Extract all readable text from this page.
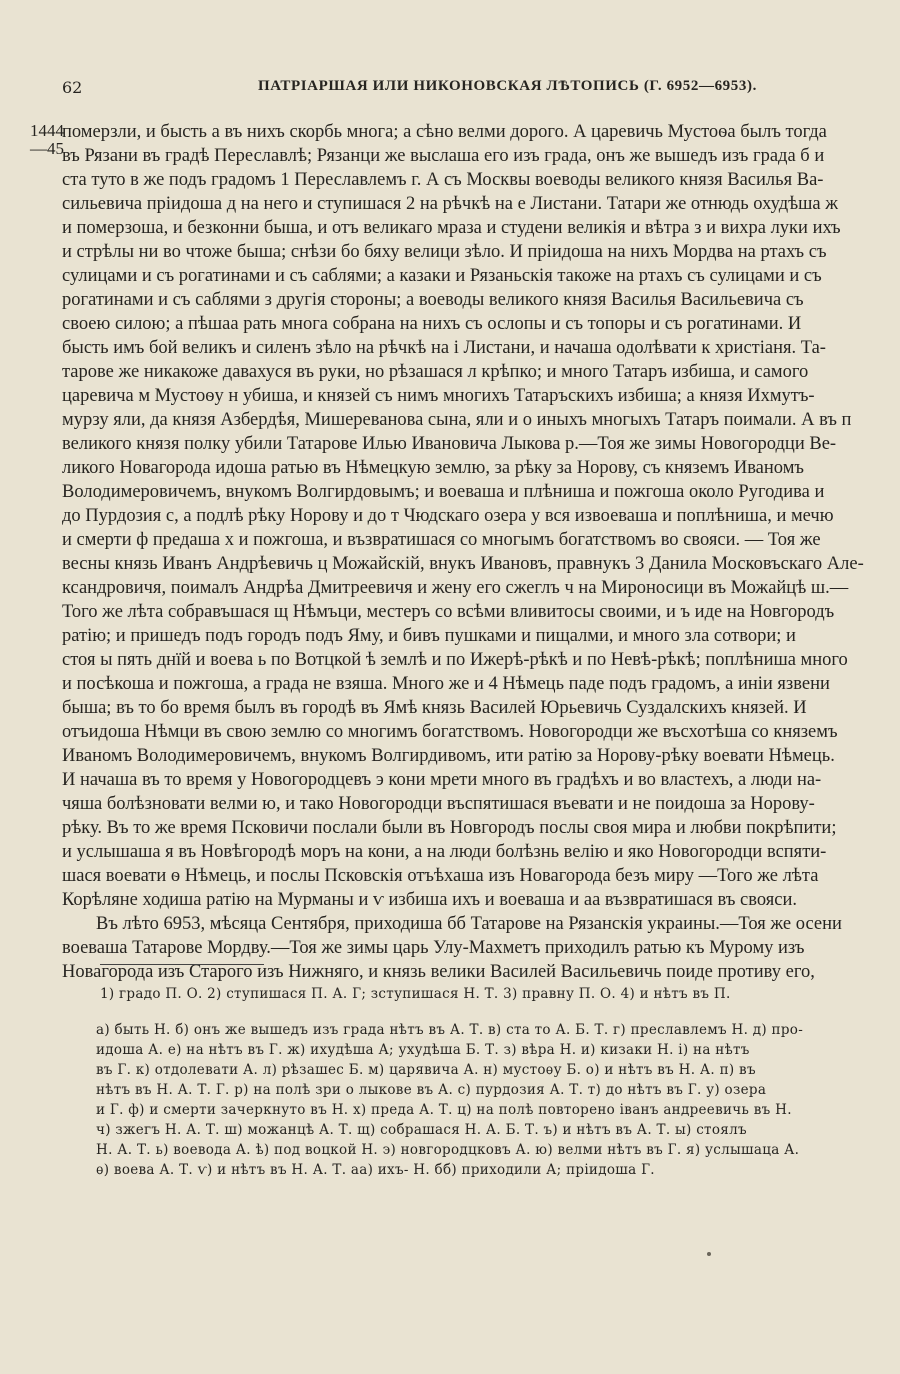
62	ПАТРІАРШАЯ ИЛИ НИКОНОВСКАЯ ЛѢТОПИСЬ (Г. 6952—6953).
1444
—45
померзли, и бысть а въ нихъ скорбь многа; а сѣно велми дорого. А царевичь Мустоѳа былъ тогда
въ Рязани въ градѣ Переславлѣ; Рязанци же выслаша его изъ града, онъ же вышедъ изъ града б и
ста туто в же подъ градомъ 1 Переславлемъ г. А съ Москвы воеводы великого князя Василья Ва-
сильевича пріидоша д на него и ступишася 2 на рѣчкѣ на е Листани. Татари же отнюдь охудѣша ж
и померзоша, и безконни быша, и отъ великаго мраза и студени великія и вѣтра з и вихра луки ихъ
и стрѣлы ни во чтоже быша; снѣзи бо бяху велици зѣло. И пріидоша на нихъ Мордва на ртахъ съ
сулицами и съ рогатинами и съ саблями; а казаки и Рязаньскія такоже на ртахъ съ сулицами и съ
рогатинами и съ саблями з другія стороны; а воеводы великого князя Василья Васильевича съ
своею силою; а пѣшаа рать многа собрана на нихъ съ ослопы и съ топоры и съ рогатинами. И
бысть имъ бой великъ и силенъ зѣло на рѣчкѣ на і Листани, и начаша одолѣвати к христіаня. Та-
тарове же никакоже давахуся въ руки, но рѣзашася л крѣпко; и много Татаръ избиша, и самого
царевича м Мустоѳу н убиша, и князей съ нимъ многихъ Татаръскихъ избиша; а князя Ихмутъ-
мурзу яли, да князя Азбердѣя, Мишереванова сына, яли и о иныхъ многыхъ Татаръ поимали. А въ п
великого князя полку убили Татарове Илью Ивановича Лыкова р.—Тоя же зимы Новогородци Ве-
ликого Новагорода идоша ратью въ Нѣмецкую землю, за рѣку за Норову, съ княземъ Иваномъ
Володимеровичемъ, внукомъ Волгирдовымъ; и воеваша и плѣниша и пожгоша около Ругодива и
до Пурдозия с, а подлѣ рѣку Норову и до т Чюдскаго озера у вся извоеваша и поплѣниша, и мечю
и смерти ф предаша х и пожгоша, и възвратишася со многымъ богатствомъ во свояси. — Тоя же
весны князь Иванъ Андрѣевичь ц Можайскій, внукъ Ивановъ, правнукъ 3 Данила Московъскаго Але-
ксандровичя, поималъ Андрѣа Дмитреевичя и жену его сжеглъ ч на Мироносици въ Можайцѣ ш.—
Того же лѣта собравъшася щ Нѣмъци, местеръ со всѣми вливитосы своими, и ъ иде на Новгородъ
ратію; и пришедъ подъ городъ подъ Яму, и бивъ пушками и пищалми, и много зла сотвори; и
стоя ы пять днїй и воева ь по Вотцкой ѣ землѣ и по Ижерѣ-рѣкѣ и по Невѣ-рѣкѣ; поплѣниша много
и посѣкоша и пожгоша, а града не взяша. Много же и 4 Нѣмець паде подъ градомъ, а иніи язвени
быша; въ то бо время былъ въ городѣ въ Ямѣ князь Василей Юрьевичь Суздалскихъ князей. И
отъидоша Нѣмци въ свою землю со многимъ богатствомъ. Новогородци же въсхотѣша со княземъ
Иваномъ Володимеровичемъ, внукомъ Волгирдивомъ, ити ратію за Норову-рѣку воевати Нѣмець.
И начаша въ то время у Новогородцевъ э кони мрети много въ градѣхъ и во властехъ, а люди на-
чяша болѣзновати велми ю, и тако Новогородци въспятишася въевати и не поидоша за Норову-
рѣку. Въ то же время Псковичи послали были въ Новгородъ послы своя мира и любви покрѣпити;
и услышаша я въ Новѣгородѣ моръ на кони, а на люди болѣзнь велію и яко Новогородци вспяти-
шася воевати ѳ Нѣмець, и послы Псковскія отъѣхаша изъ Новагорода безъ миру —Того же лѣта
Корѣляне ходиша ратію на Мурманы и ѵ избиша ихъ и воеваша и аа възвратишася въ свояси.
Въ лѣто 6953, мѣсяца Сентября, приходиша бб Татарове на Рязанскія украины.—Тоя же осени
воеваша Татарове Мордву.—Тоя же зимы царь Улу-Махметъ приходилъ ратью къ Мурому изъ
Новагорода изъ Старого изъ Нижняго, и князь велики Василей Васильевичь поиде противу его,
1) градо П. О. 2) ступишася П. А. Г; зступишася Н. Т. 3) правну П. О. 4) и нѣтъ въ П.
а) быть Н. б) онъ же вышедъ изъ града нѣтъ въ А. Т. в) ста то А. Б. Т. г) преславлемъ Н. д) про-
идоша А. е) на нѣтъ въ Г. ж) ихудѣша А; ухудѣша Б. Т. з) вѣра Н. и) кизаки Н. і) на нѣтъ
въ Г. к) отдолевати А. л) рѣзашес Б. м) царявича А. н) мустоѳу Б. о) и нѣтъ въ Н. А. п) въ
нѣтъ въ Н. А. Т. Г. р) на полѣ зри о лыкове въ А. с) пурдозия А. Т. т) до нѣтъ въ Г. у) озера
и Г. ф) и смерти зачеркнуто въ Н. х) преда А. Т. ц) на полѣ повторено іванъ андреевичь въ Н.
ч) зжегъ Н. А. Т. ш) можанцѣ А. Т. щ) собрашася Н. А. Б. Т. ъ) и нѣтъ въ А. Т. ы) стоялъ
Н. А. Т. ь) воевода А. ѣ) под воцкой Н. э) новгородцковъ А. ю) велми нѣтъ въ Г. я) услышаца А.
ѳ) воева А. Т. ѵ) и нѣтъ въ Н. А. Т. аа) ихъ- Н. бб) приходили А; пріидоша Г.
